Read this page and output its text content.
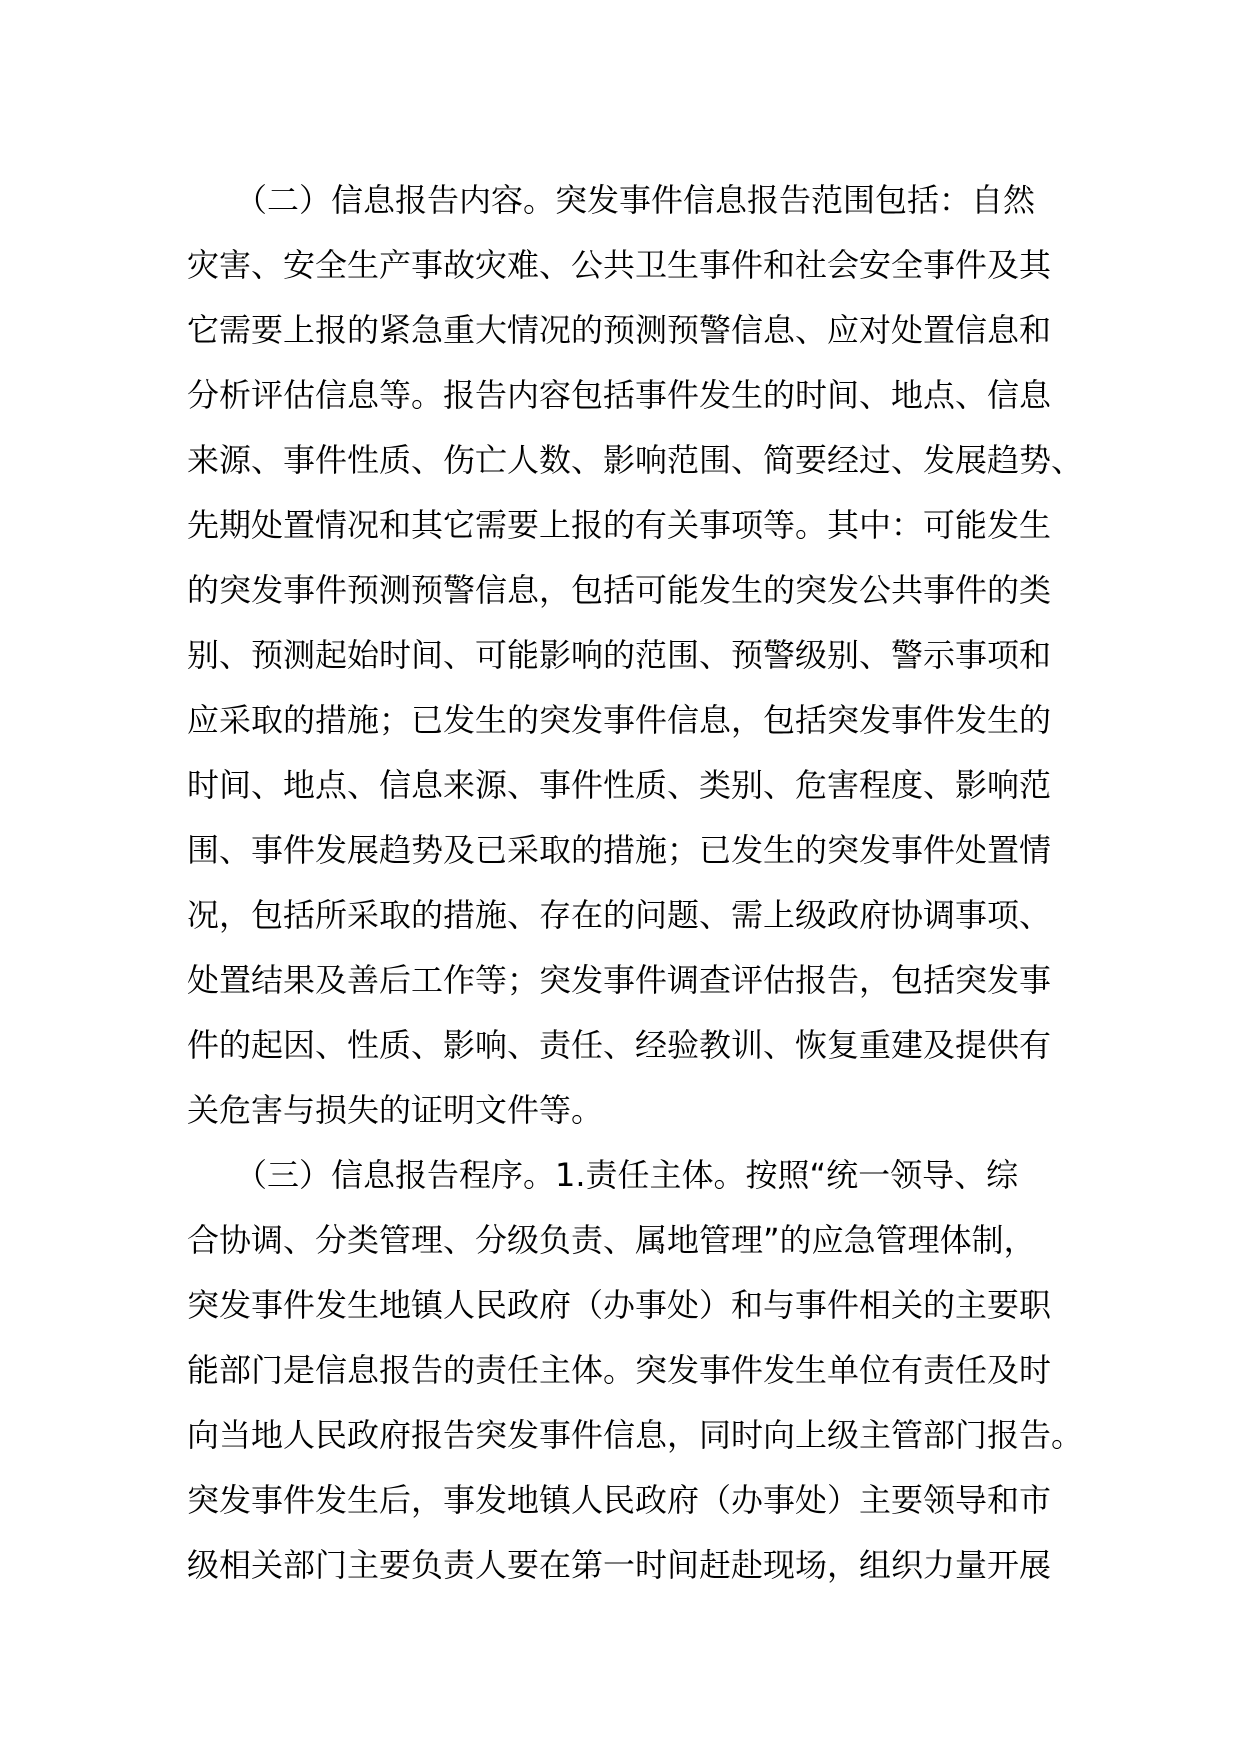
　　（二）信息报告内容。突发事件信息报告范围包括：自然
灾害、安全生产事故灾难、公共卫生事件和社会安全事件及其
它需要上报的紧急重大情况的预测预警信息、应对处置信息和
分析评估信息等。报告内容包括事件发生的时间、地点、信息
来源、事件性质、伤亡人数、影响范围、简要经过、发展趋势、
先期处置情况和其它需要上报的有关事项等。其中：可能发生
的突发事件预测预警信息，包括可能发生的突发公共事件的类
别、预测起始时间、可能影响的范围、预警级别、警示事项和
应采取的措施；已发生的突发事件信息，包括突发事件发生的
时间、地点、信息来源、事件性质、类别、危害程度、影响范
围、事件发展趋势及已采取的措施；已发生的突发事件处置情
况，包括所采取的措施、存在的问题、需上级政府协调事项、
处置结果及善后工作等；突发事件调查评估报告，包括突发事
件的起因、性质、影响、责任、经验教训、恢复重建及提供有
关危害与损失的证明文件等。
　　（三）信息报告程序。1.责任主体。按照“统一领导、综
合协调、分类管理、分级负责、属地管理”的应急管理体制，
突发事件发生地镇人民政府（办事处）和与事件相关的主要职
能部门是信息报告的责任主体。突发事件发生单位有责任及时
向当地人民政府报告突发事件信息，同时向上级主管部门报告。
突发事件发生后，事发地镇人民政府（办事处）主要领导和市
级相关部门主要负责人要在第一时间赶赴现场，组织力量开展
